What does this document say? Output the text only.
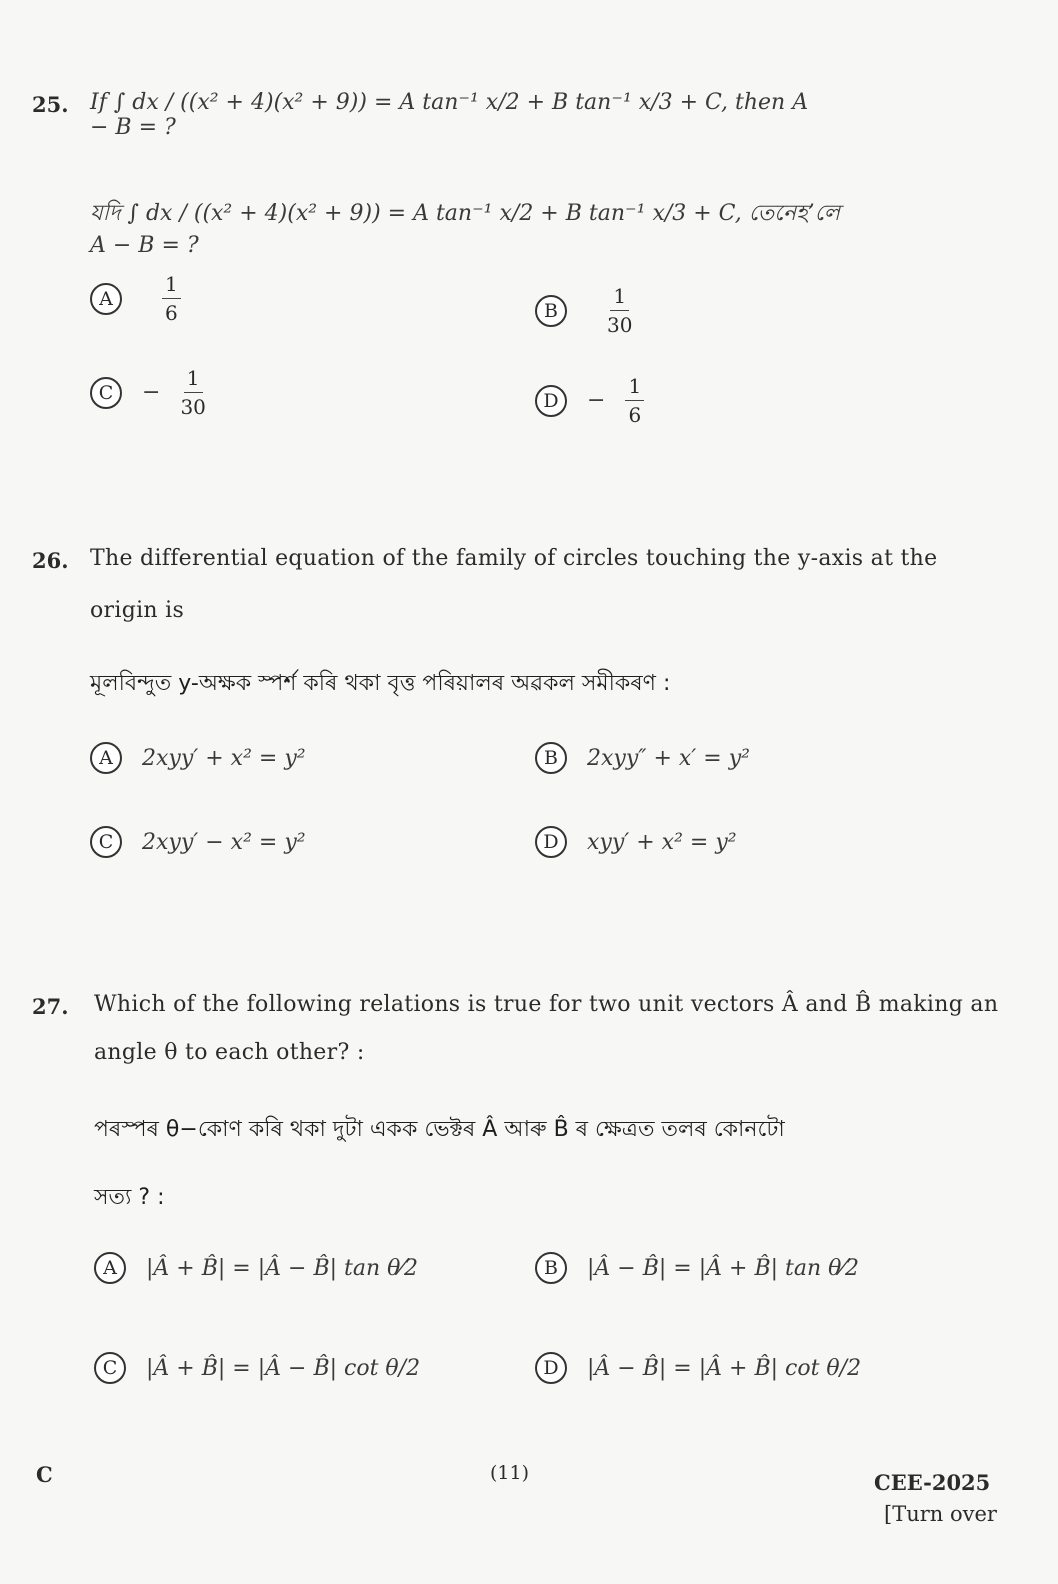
25. If ∫ dx / ((x² + 4)(x² + 9)) = A tan⁻¹ x/2 + B tan⁻¹ x/3 + C, then A − B = ?
যদি ∫ dx / ((x² + 4)(x² + 9)) = A tan⁻¹ x/2 + B tan⁻¹ x/3 + C, তেনেহ’লে A − B = ?
A	$\frac{1}{6}$	B	$\frac{1}{30}$
C	− $\frac{1}{30}$	D	− $\frac{1}{6}$
26. The differential equation of the family of circles touching the y-axis at the
origin is
মূলবিন্দুত y-অক্ষক স্পর্শ কৰি থকা বৃত্ত পৰিয়ালৰ অৱকল সমীকৰণ :
A	2xyy′ + x² = y²	B	2xyy″ + x′ = y²
C	2xyy′ − x² = y²	D	xyy′ + x² = y²
27. Which of the following relations is true for two unit vectors Â and B̂ making an
angle θ to each other? :
পৰস্পৰ θ−কোণ কৰি থকা দুটা একক ভেক্টৰ Â আৰু B̂ ৰ ক্ষেত্ৰত তলৰ কোনটো
সত্য ? :
A	|Â + B̂| = |Â − B̂| tan θ⁄2	B	|Â − B̂| = |Â + B̂| tan θ⁄2
C	|Â + B̂| = |Â − B̂| cot θ/2	D	|Â − B̂| = |Â + B̂| cot θ/2
C	(11)	CEE-2025
[Turn over
